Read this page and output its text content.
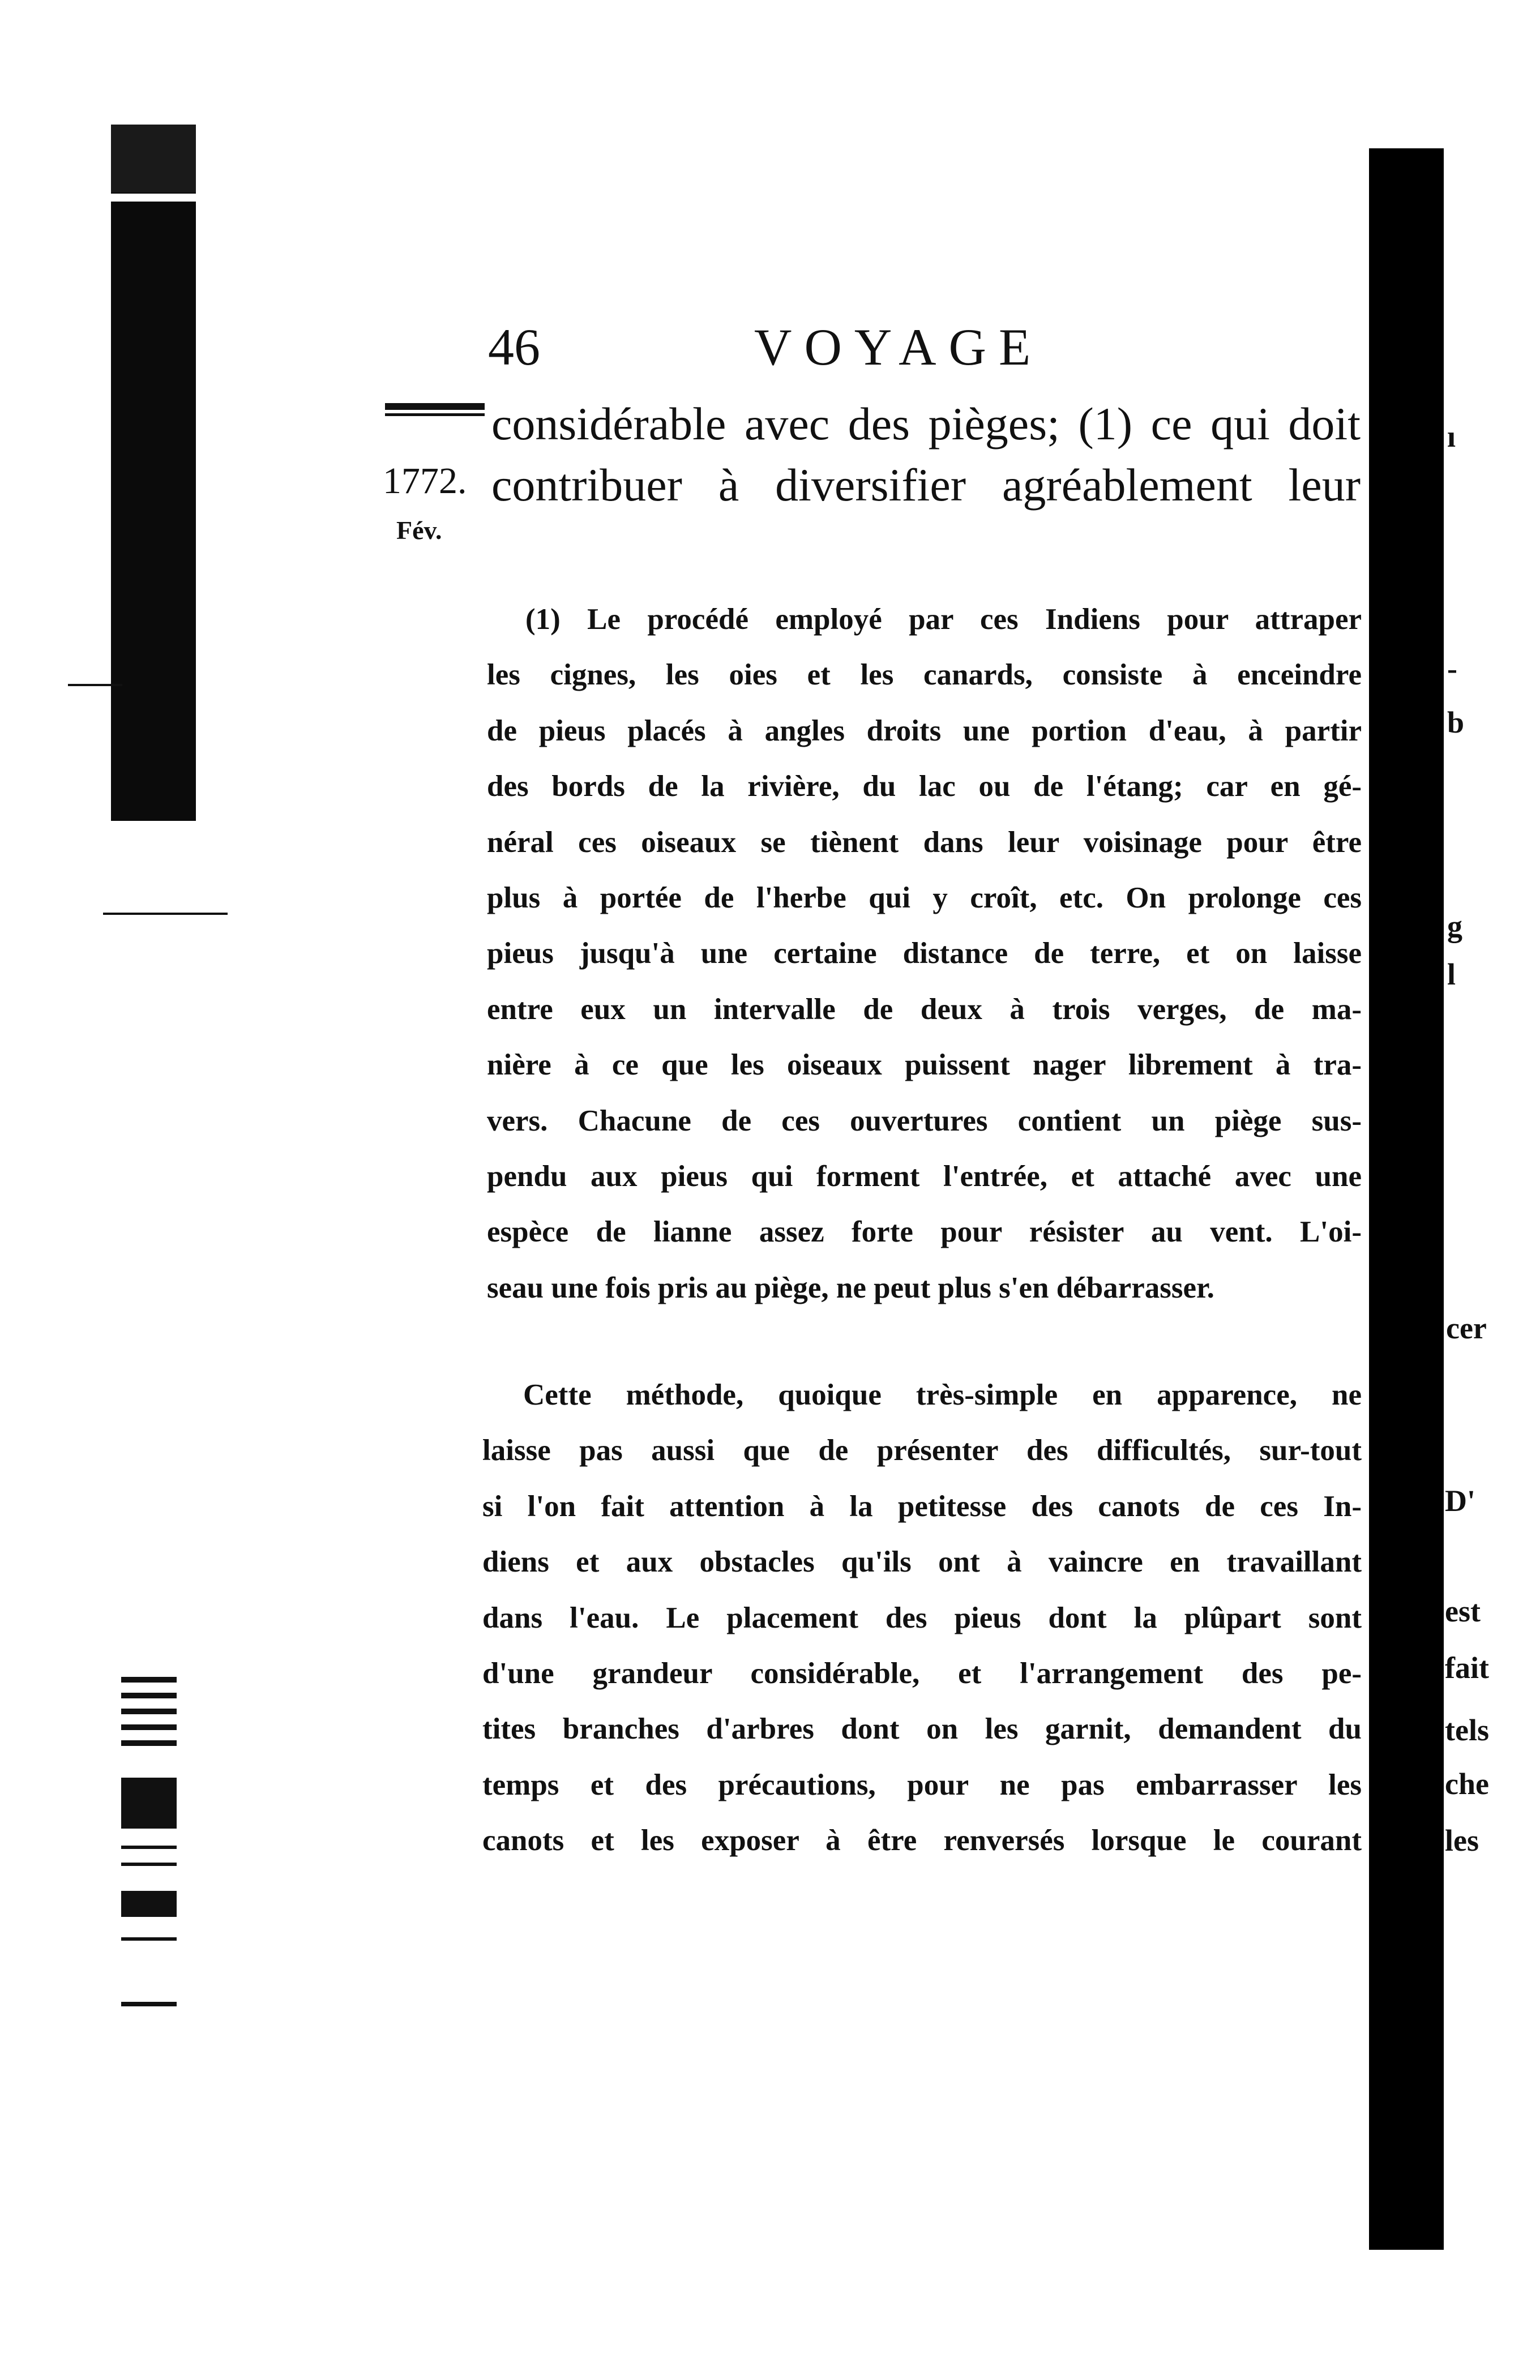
46	VOYAGE
1772.
Fév.
considérable avec des pièges; (1) ce qui doit
contribuer à diversifier agréablement leur
(1) Le procédé employé par ces Indiens pour attraper
les cignes, les oies et les canards, consiste à enceindre
de pieus placés à angles droits une portion d'eau, à partir
des bords de la rivière, du lac ou de l'étang; car en gé-
néral ces oiseaux se tiènent dans leur voisinage pour être
plus à portée de l'herbe qui y croît, etc. On prolonge ces
pieus jusqu'à une certaine distance de terre, et on laisse
entre eux un intervalle de deux à trois verges, de ma-
nière à ce que les oiseaux puissent nager librement à tra-
vers. Chacune de ces ouvertures contient un piège sus-
pendu aux pieus qui forment l'entrée, et attaché avec une
espèce de lianne assez forte pour résister au vent. L'oi-
seau une fois pris au piège, ne peut plus s'en débarrasser.
Cette méthode, quoique très-simple en apparence, ne
laisse pas aussi que de présenter des difficultés, sur-tout
si l'on fait attention à la petitesse des canots de ces In-
diens et aux obstacles qu'ils ont à vaincre en travaillant
dans l'eau. Le placement des pieus dont la plûpart sont
d'une grandeur considérable, et l'arrangement des pe-
tites branches d'arbres dont on les garnit, demandent du
temps et des précautions, pour ne pas embarrasser les
canots et les exposer à être renversés lorsque le courant
ı
-
b
g
l
cer
D'
est
fait
tels
che
les
